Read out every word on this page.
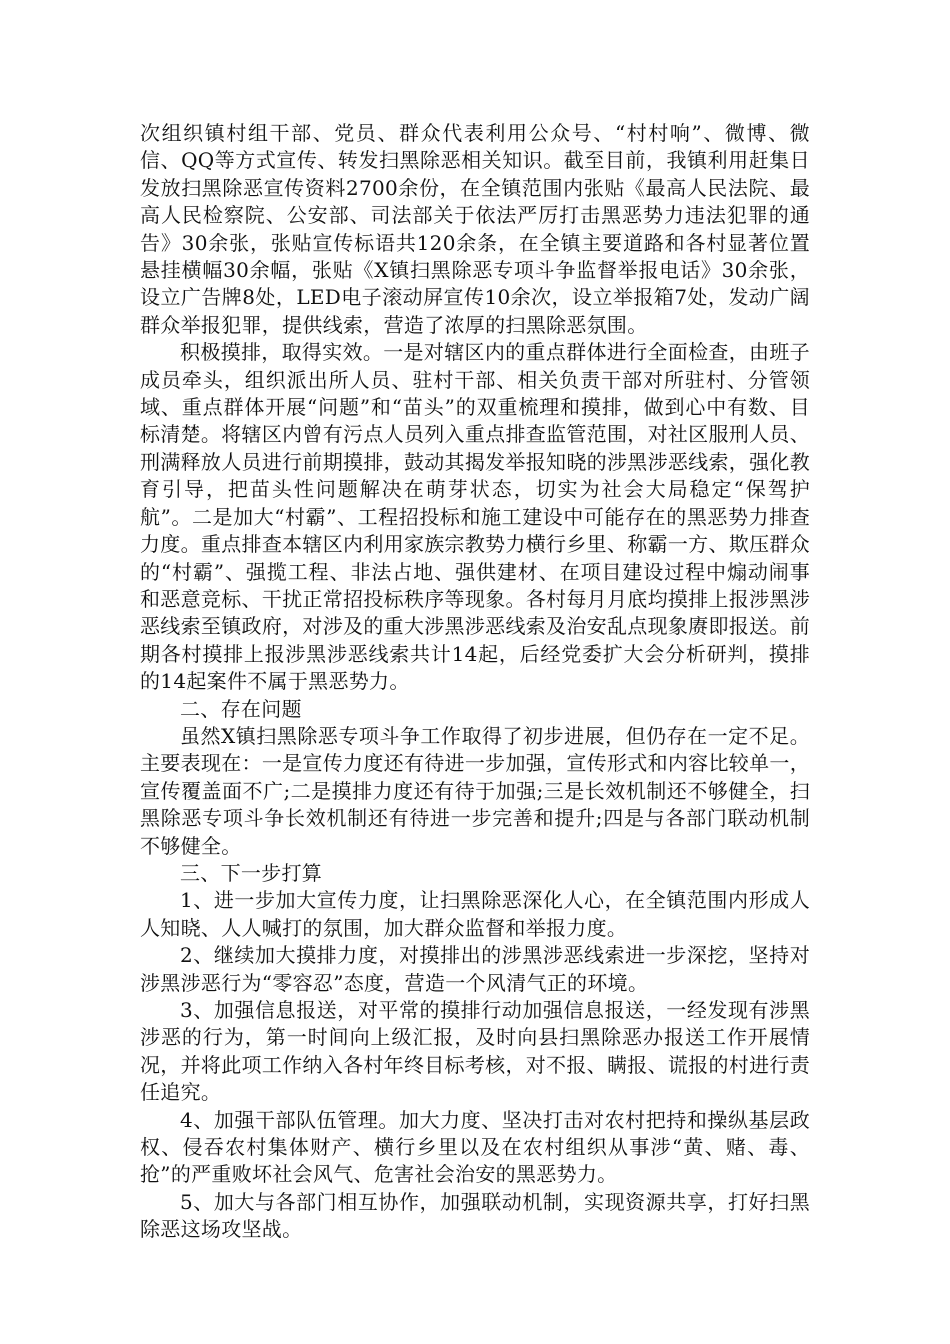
次组织镇村组干部、党员、群众代表利用公众号、“村村响”、微博、微信、QQ等方式宣传、转发扫黑除恶相关知识。截至目前，我镇利用赶集日发放扫黑除恶宣传资料2700余份，在全镇范围内张贴《最高人民法院、最高人民检察院、公安部、司法部关于依法严厉打击黑恶势力违法犯罪的通告》30余张，张贴宣传标语共120余条，在全镇主要道路和各村显著位置悬挂横幅30余幅，张贴《X镇扫黑除恶专项斗争监督举报电话》30余张，设立广告牌8处，LED电子滚动屏宣传10余次，设立举报箱7处，发动广阔群众举报犯罪，提供线索，营造了浓厚的扫黑除恶氛围。

积极摸排，取得实效。一是对辖区内的重点群体进行全面检查，由班子成员牵头，组织派出所人员、驻村干部、相关负责干部对所驻村、分管领域、重点群体开展“问题”和“苗头”的双重梳理和摸排，做到心中有数、目标清楚。将辖区内曾有污点人员列入重点排查监管范围，对社区服刑人员、刑满释放人员进行前期摸排，鼓动其揭发举报知晓的涉黑涉恶线索，强化教育引导，把苗头性问题解决在萌芽状态，切实为社会大局稳定“保驾护航”。二是加大“村霸”、工程招投标和施工建设中可能存在的黑恶势力排查力度。重点排查本辖区内利用家族宗教势力横行乡里、称霸一方、欺压群众的“村霸”、强揽工程、非法占地、强供建材、在项目建设过程中煽动闹事和恶意竞标、干扰正常招投标秩序等现象。各村每月月底均摸排上报涉黑涉恶线索至镇政府，对涉及的重大涉黑涉恶线索及治安乱点现象赓即报送。前期各村摸排上报涉黑涉恶线索共计14起，后经党委扩大会分析研判，摸排的14起案件不属于黑恶势力。

二、存在问题

虽然X镇扫黑除恶专项斗争工作取得了初步进展，但仍存在一定不足。主要表现在：一是宣传力度还有待进一步加强，宣传形式和内容比较单一，宣传覆盖面不广;二是摸排力度还有待于加强;三是长效机制还不够健全，扫黑除恶专项斗争长效机制还有待进一步完善和提升;四是与各部门联动机制不够健全。

三、下一步打算

1、进一步加大宣传力度，让扫黑除恶深化人心，在全镇范围内形成人人知晓、人人喊打的氛围，加大群众监督和举报力度。

2、继续加大摸排力度，对摸排出的涉黑涉恶线索进一步深挖，坚持对涉黑涉恶行为“零容忍”态度，营造一个风清气正的环境。

3、加强信息报送，对平常的摸排行动加强信息报送，一经发现有涉黑涉恶的行为，第一时间向上级汇报，及时向县扫黑除恶办报送工作开展情况，并将此项工作纳入各村年终目标考核，对不报、瞒报、谎报的村进行责任追究。

4、加强干部队伍管理。加大力度、坚决打击对农村把持和操纵基层政权、侵吞农村集体财产、横行乡里以及在农村组织从事涉“黄、赌、毒、抢”的严重败坏社会风气、危害社会治安的黑恶势力。

5、加大与各部门相互协作，加强联动机制，实现资源共享，打好扫黑除恶这场攻坚战。
